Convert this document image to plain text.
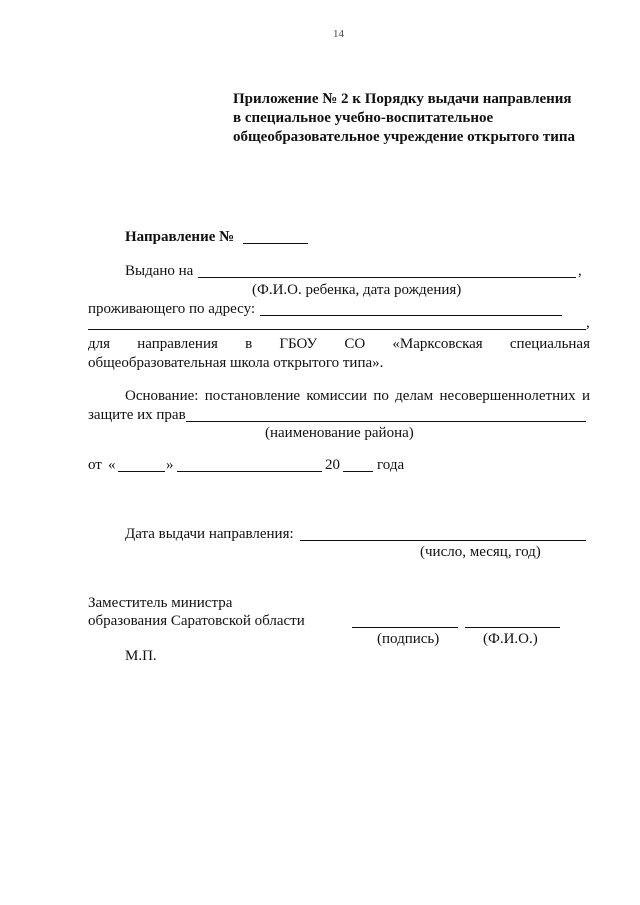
14
Приложение № 2 к Порядку выдачи направления
в специальное учебно-воспитательное
общеобразовательное учреждение открытого типа
Направление №
Выдано на	,
(Ф.И.О. ребенка, дата рождения)
проживающего по адресу:
,
для направления в ГБОУ СО «Марксовская специальная
общеобразовательная школа открытого типа».
Основание: постановление комиссии по делам несовершеннолетних и
защите их прав
(наименование района)
от «	»	20 года
Дата выдачи направления:
(число, месяц, год)
Заместитель министра
образования Саратовской области
(подпись)	(Ф.И.О.)
М.П.
